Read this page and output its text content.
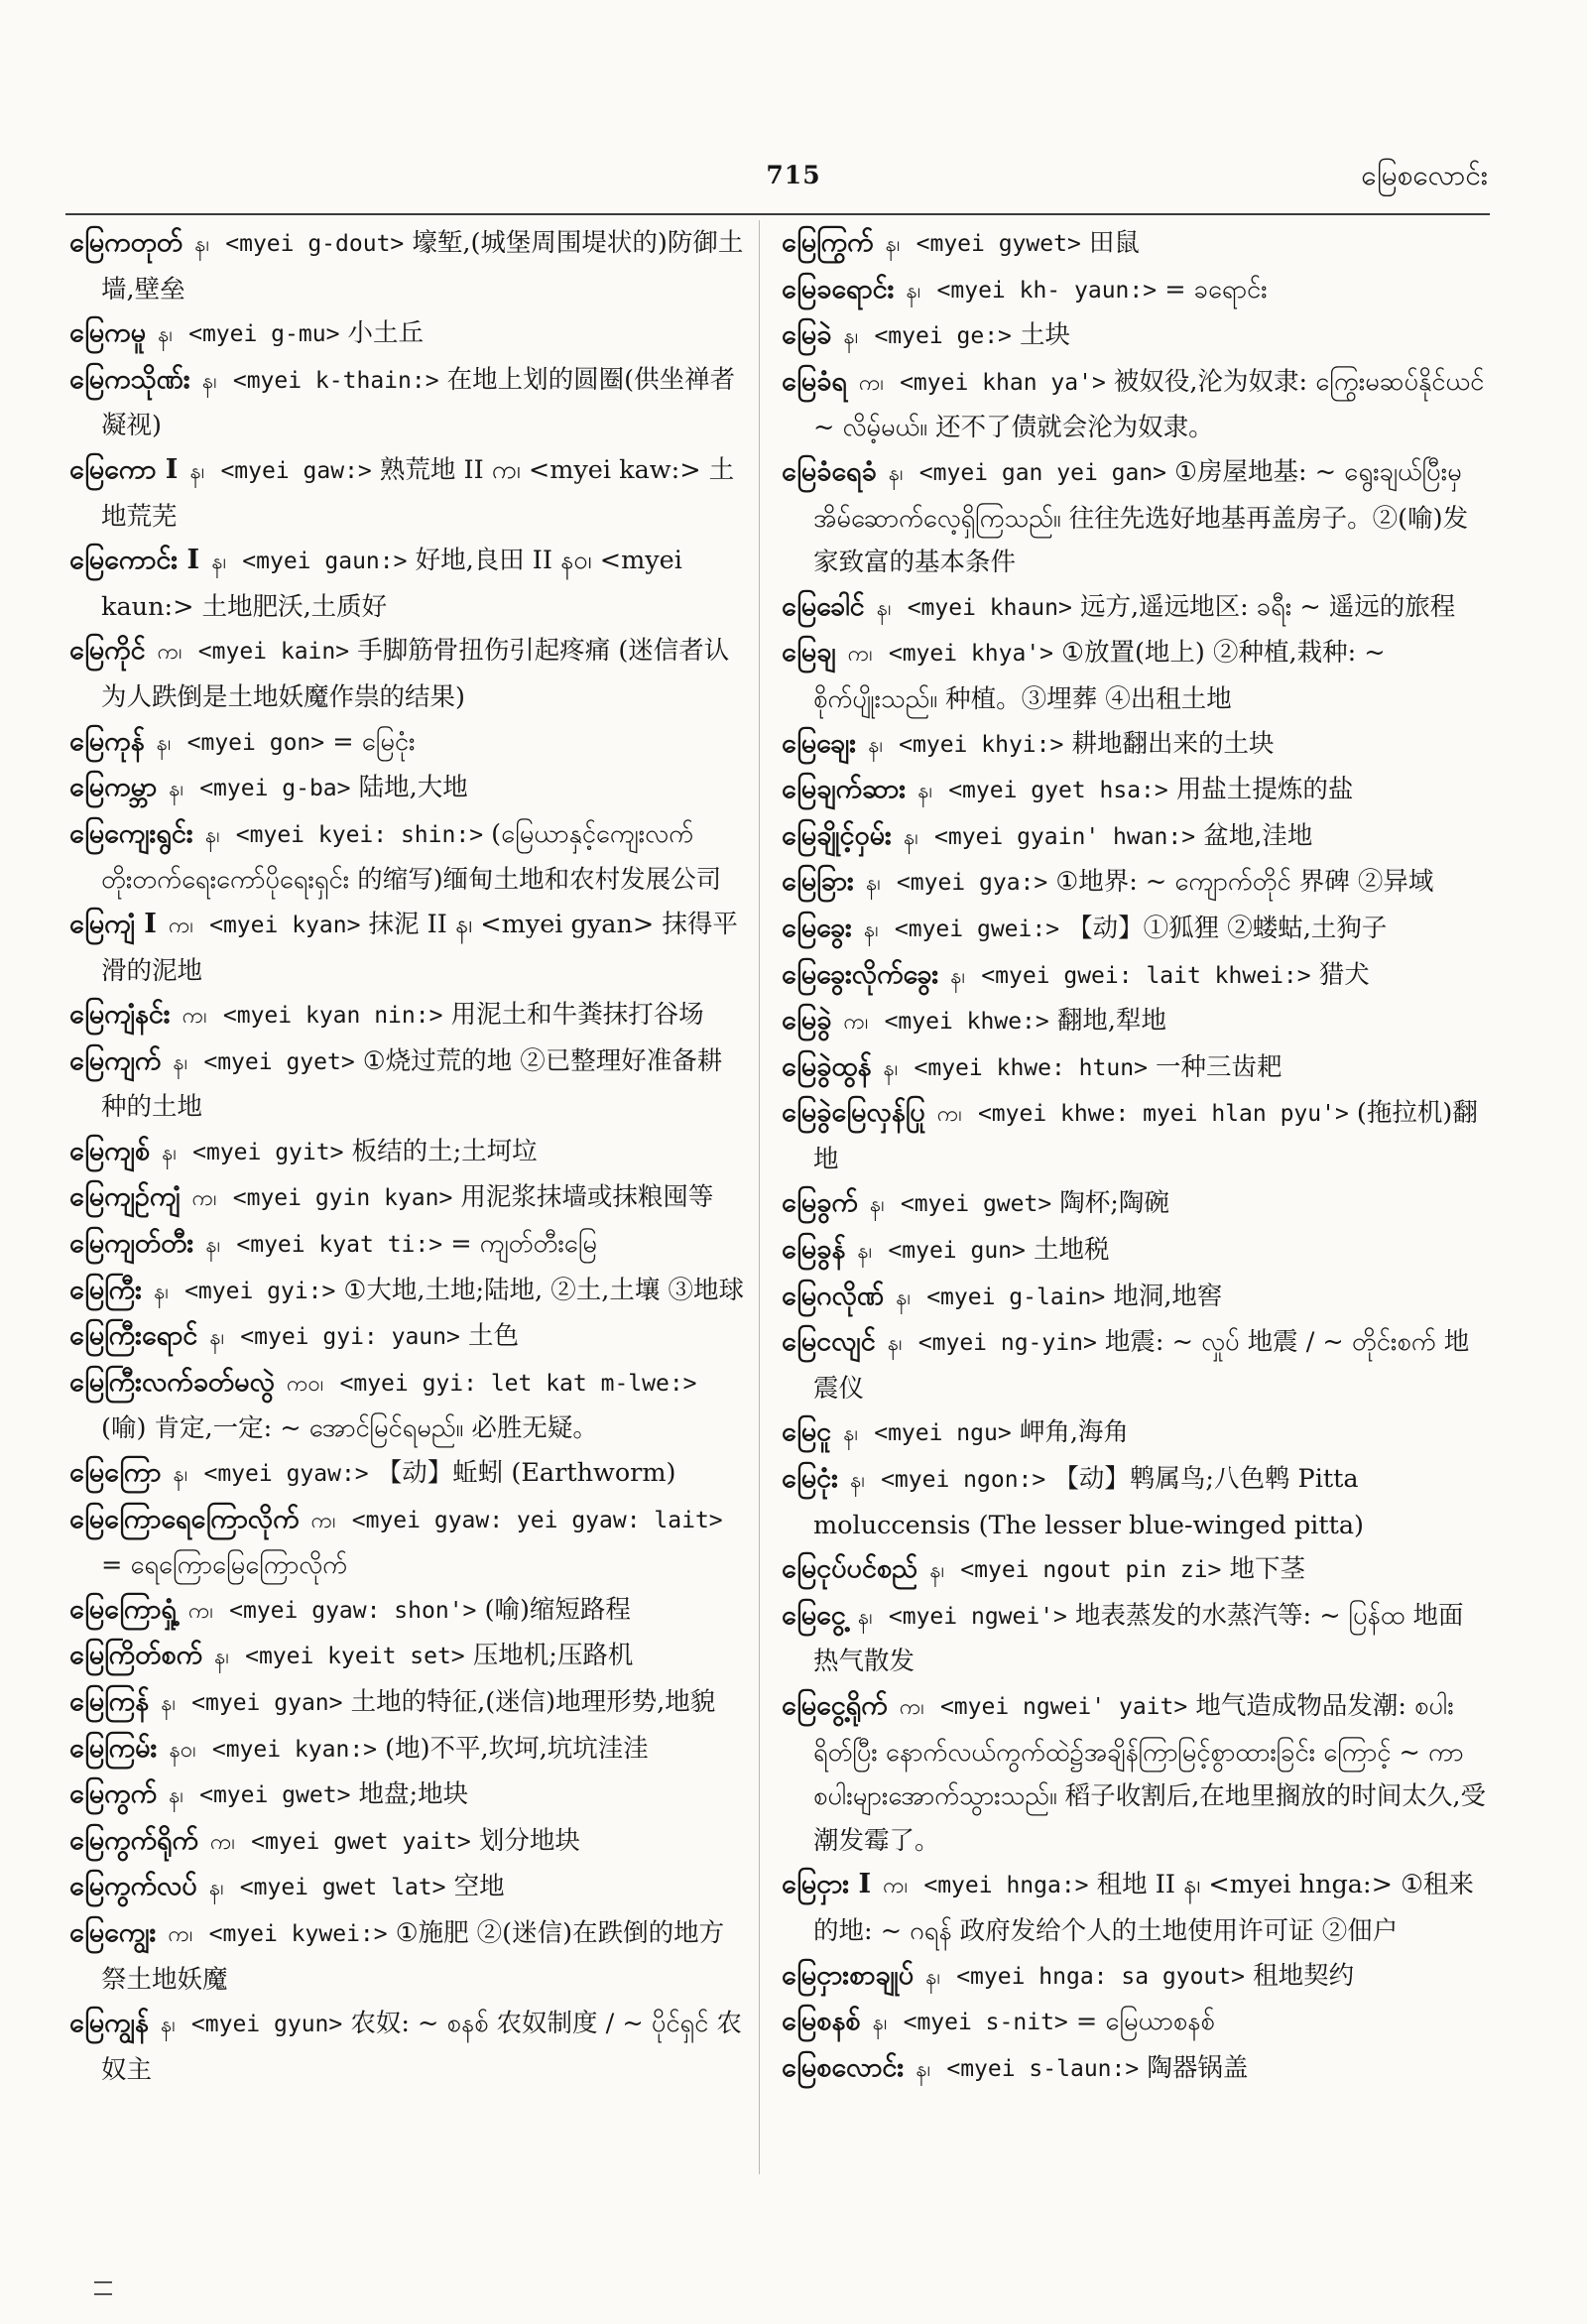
715	မြေစလောင်း

မြေကတုတ် န၊ <myei g-dout> 壕堑,(城堡周围堤状的)防御土墙,壁垒

မြေကမူ န၊ <myei g-mu> 小土丘

မြေကသိုဏ်း န၊ <myei k-thain:> 在地上划的圆圈(供坐禅者凝视)

မြေကော I န၊ <myei gaw:> 熟荒地 II က၊ <myei kaw:> 土地荒芜

မြေကောင်း I န၊ <myei gaun:> 好地,良田 II နဝ၊ <myei kaun:> 土地肥沃,土质好

မြေကိုင် က၊ <myei kain> 手脚筋骨扭伤引起疼痛 (迷信者认为人跌倒是土地妖魔作祟的结果)

မြေကုန် န၊ <myei gon> = မြေငုံး

မြေကမ္ဘာ န၊ <myei g-ba> 陆地,大地

မြေကျေးရွင်း န၊ <myei kyei: shin:> (မြေယာနှင့်ကျေးလက်တိုးတက်ရေးကော်ပိုရေးရှင်း 的缩写)缅甸土地和农村发展公司

မြေကျံ I က၊ <myei kyan> 抹泥 II န၊ <myei gyan> 抹得平滑的泥地

မြေကျံနင်း က၊ <myei kyan nin:> 用泥土和牛粪抹打谷场

မြေကျက် န၊ <myei gyet> ①烧过荒的地 ②已整理好准备耕种的土地

မြေကျစ် န၊ <myei gyit> 板结的土;土坷垃

မြေကျဉ်ကျံ က၊ <myei gyin kyan> 用泥浆抹墙或抹粮囤等

မြေကျတ်တီး န၊ <myei kyat ti:> = ကျတ်တီးမြေ

မြေကြီး န၊ <myei gyi:> ①大地,土地;陆地, ②土,土壤 ③地球

မြေကြီးရောင် န၊ <myei gyi: yaun> 土色

မြေကြီးလက်ခတ်မလွဲ ကဝ၊ <myei gyi: let kat m-lwe:> (喻) 肯定,一定: ~ အောင်မြင်ရမည်။ 必胜无疑。

မြေကြော န၊ <myei gyaw:> 【动】蚯蚓 (Earthworm)

မြေကြောရေကြောလိုက် က၊ <myei gyaw: yei gyaw: lait> = ရေကြောမြေကြောလိုက်

မြေကြောရှုံ့ က၊ <myei gyaw: shon'> (喻)缩短路程

မြေကြိတ်စက် န၊ <myei kyeit set> 压地机;压路机

မြေကြန် န၊ <myei gyan> 土地的特征,(迷信)地理形势,地貌

မြေကြမ်း နဝ၊ <myei kyan:> (地)不平,坎坷,坑坑洼洼

မြေကွက် န၊ <myei gwet> 地盘;地块

မြေကွက်ရိုက် က၊ <myei gwet yait> 划分地块

မြေကွက်လပ် န၊ <myei gwet lat> 空地

မြေကျွေး က၊ <myei kywei:> ①施肥 ②(迷信)在跌倒的地方祭土地妖魔

မြေကျွန် န၊ <myei gyun> 农奴: ~ စနစ် 农奴制度 / ~ ပိုင်ရှင် 农奴主

မြေကြွက် န၊ <myei gywet> 田鼠

မြေခရောင်း န၊ <myei kh- yaun:> = ခရောင်း

မြေခဲ န၊ <myei ge:> 土块

မြေခံရ က၊ <myei khan ya'> 被奴役,沦为奴隶: ကြွေးမဆပ်နိုင်ယင် ~ လိမ့်မယ်။ 还不了债就会沦为奴隶。

မြေခံရေခံ န၊ <myei gan yei gan> ①房屋地基: ~ ရွေးချယ်ပြီးမှအိမ်ဆောက်လေ့ရှိကြသည်။ 往往先选好地基再盖房子。②(喻)发家致富的基本条件

မြေခေါင် န၊ <myei khaun> 远方,遥远地区: ခရီး ~ 遥远的旅程

မြေချ က၊ <myei khya'> ①放置(地上) ②种植,栽种: ~ စိုက်ပျိုးသည်။ 种植。③埋葬 ④出租土地

မြေချေး န၊ <myei khyi:> 耕地翻出来的土块

မြေချက်ဆား န၊ <myei gyet hsa:> 用盐土提炼的盐

မြေချိုင့်ဝှမ်း န၊ <myei gyain' hwan:> 盆地,洼地

မြေခြား န၊ <myei gya:> ①地界: ~ ကျောက်တိုင် 界碑 ②异域

မြေခွေး န၊ <myei gwei:> 【动】①狐狸 ②蝼蛄,土狗子

မြေခွေးလိုက်ခွေး န၊ <myei gwei: lait khwei:> 猎犬

မြေခွဲ က၊ <myei khwe:> 翻地,犁地

မြေခွဲထွန် န၊ <myei khwe: htun> 一种三齿耙

မြေခွဲမြေလှန်ပြု က၊ <myei khwe: myei hlan pyu'> (拖拉机)翻地

မြေခွက် န၊ <myei gwet> 陶杯;陶碗

မြေခွန် န၊ <myei gun> 土地税

မြေဂလိုဏ် န၊ <myei g-lain> 地洞,地窖

မြေငလျင် န၊ <myei ng-yin> 地震: ~ လှုပ် 地震 / ~ တိုင်းစက် 地震仪

မြေငူ န၊ <myei ngu> 岬角,海角

မြေငုံး န၊ <myei ngon:> 【动】鹎属鸟;八色鹎 Pitta moluccensis (The lesser blue-winged pitta)

မြေငုပ်ပင်စည် န၊ <myei ngout pin zi> 地下茎

မြေငွေ့ န၊ <myei ngwei'> 地表蒸发的水蒸汽等: ~ ပြန်ထ 地面热气散发

မြေငွေ့ရိုက် က၊ <myei ngwei' yait> 地气造成物品发潮: စပါးရိတ်ပြီး နောက်လယ်ကွက်ထဲ၌အချိန်ကြာမြင့်စွာထားခြင်း ကြောင့် ~ ကာစပါးများအောက်သွားသည်။ 稻子收割后,在地里搁放的时间太久,受潮发霉了。

မြေငှား I က၊ <myei hnga:> 租地 II န၊ <myei hnga:> ①租来的地: ~ ဂရန် 政府发给个人的土地使用许可证 ②佃户

မြေငှားစာချုပ် န၊ <myei hnga: sa gyout> 租地契约

မြေစနစ် န၊ <myei s-nit> = မြေယာစနစ်

မြေစလောင်း န၊ <myei s-laun:> 陶器锅盖
